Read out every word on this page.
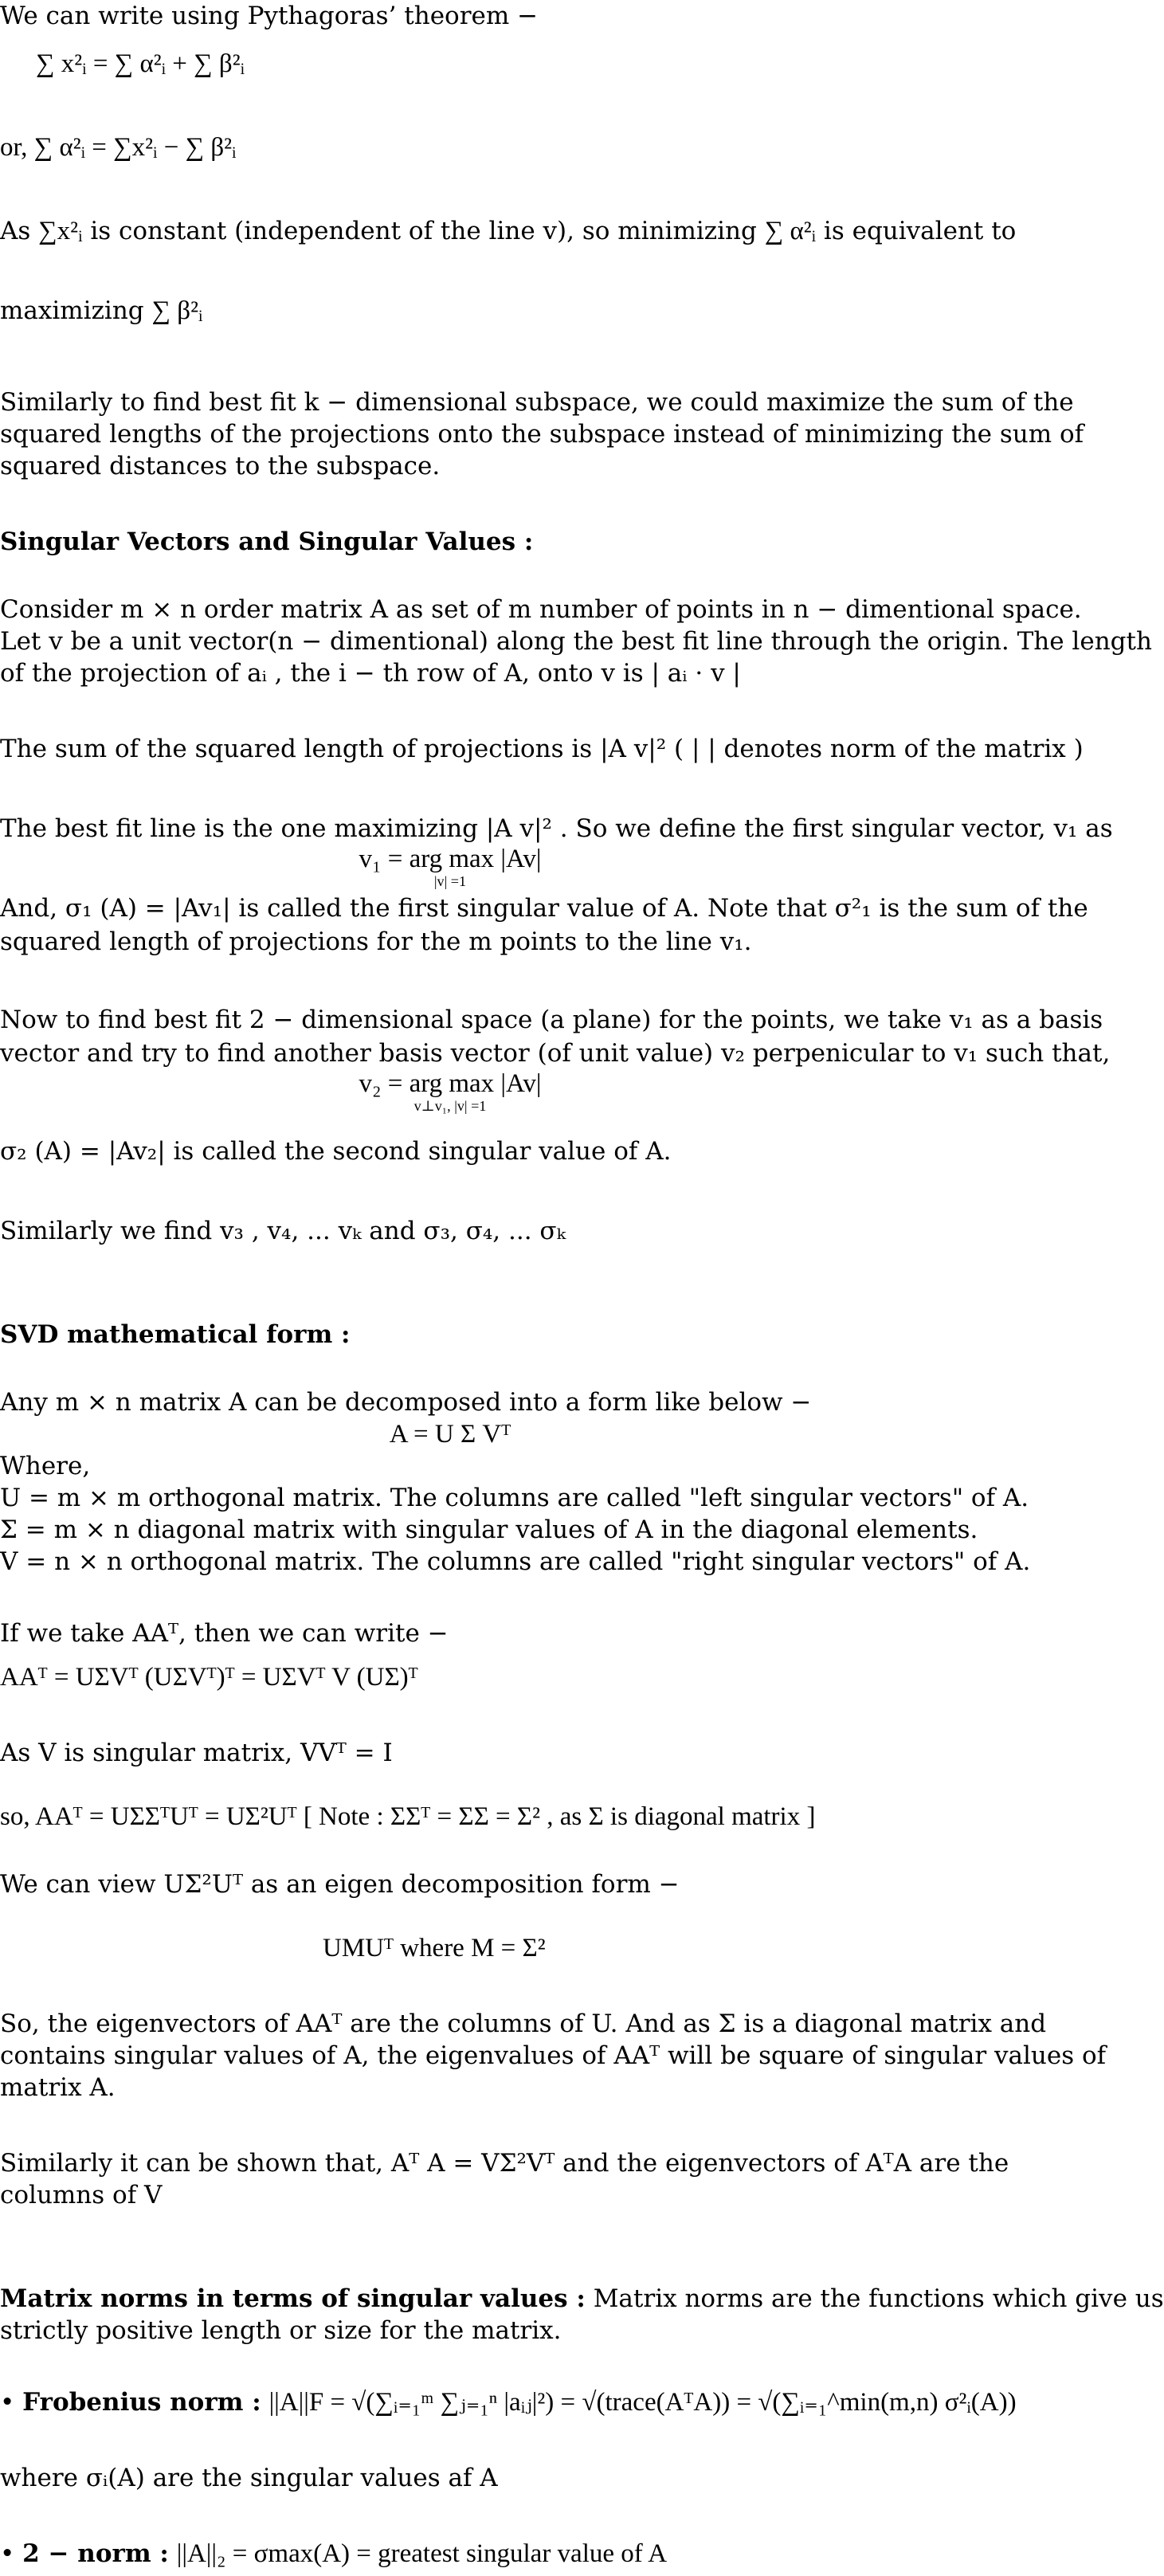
We can write using Pythagoras’ theorem −
∑ x²ᵢ = ∑ α²ᵢ + ∑ β²ᵢ
or, ∑ α²ᵢ = ∑x²ᵢ − ∑ β²ᵢ
As ∑x²ᵢ is constant (independent of the line v), so minimizing ∑ α²ᵢ is equivalent to
maximizing ∑ β²ᵢ
Similarly to find best fit k − dimensional subspace, we could maximize the sum of the
squared lengths of the projections onto the subspace instead of minimizing the sum of
squared distances to the subspace.
Singular Vectors and Singular Values :
Consider m × n order matrix A as set of m number of points in n − dimentional space.
Let v be a unit vector(n − dimentional) along the best fit line through the origin. The length
of the projection of aᵢ , the i − th row of A, onto v is | aᵢ · v |
The sum of the squared length of projections is |A v|² ( | | denotes norm of the matrix )
The best fit line is the one maximizing |A v|² . So we define the first singular vector, v₁ as
v₁ = arg max |Av|
|v| =1
And, σ₁ (A) = |Av₁| is called the first singular value of A. Note that σ²₁ is the sum of the
squared length of projections for the m points to the line v₁.
Now to find best fit 2 − dimensional space (a plane) for the points, we take v₁ as a basis
vector and try to find another basis vector (of unit value) v₂ perpenicular to v₁ such that,
v₂ = arg max |Av|
v⊥v₁, |v| =1
σ₂ (A) = |Av₂| is called the second singular value of A.
Similarly we find v₃ , v₄, ... vₖ and σ₃, σ₄, ... σₖ
SVD mathematical form :
Any m × n matrix A can be decomposed into a form like below −
A = U Σ Vᵀ
Where,
U = m × m orthogonal matrix. The columns are called "left singular vectors" of A.
Σ = m × n diagonal matrix with singular values of A in the diagonal elements.
V = n × n orthogonal matrix. The columns are called "right singular vectors" of A.
If we take AAᵀ, then we can write −
AAᵀ = UΣVᵀ (UΣVᵀ)ᵀ = UΣVᵀ V (UΣ)ᵀ
As V is singular matrix, VVᵀ = I
so, AAᵀ = UΣΣᵀUᵀ = UΣ²Uᵀ [ Note : ΣΣᵀ = ΣΣ = Σ² , as Σ is diagonal matrix ]
We can view UΣ²Uᵀ as an eigen decomposition form −
UMUᵀ where M = Σ²
So, the eigenvectors of AAᵀ are the columns of U. And as Σ is a diagonal matrix and
contains singular values of A, the eigenvalues of AAᵀ will be square of singular values of
matrix A.
Similarly it can be shown that, Aᵀ A = VΣ²Vᵀ and the eigenvectors of AᵀA are the
columns of V
Matrix norms in terms of singular values : Matrix norms are the functions which give us
strictly positive length or size for the matrix.
• Frobenius norm : ||A||F = √(∑ᵢ₌₁ᵐ ∑ⱼ₌₁ⁿ |aᵢⱼ|²) = √(trace(AᵀA)) = √(∑ᵢ₌₁^min(m,n) σ²ᵢ(A))
where σᵢ(A) are the singular values af A
• 2 − norm : ||A||₂ = σmax(A) = greatest singular value of A
